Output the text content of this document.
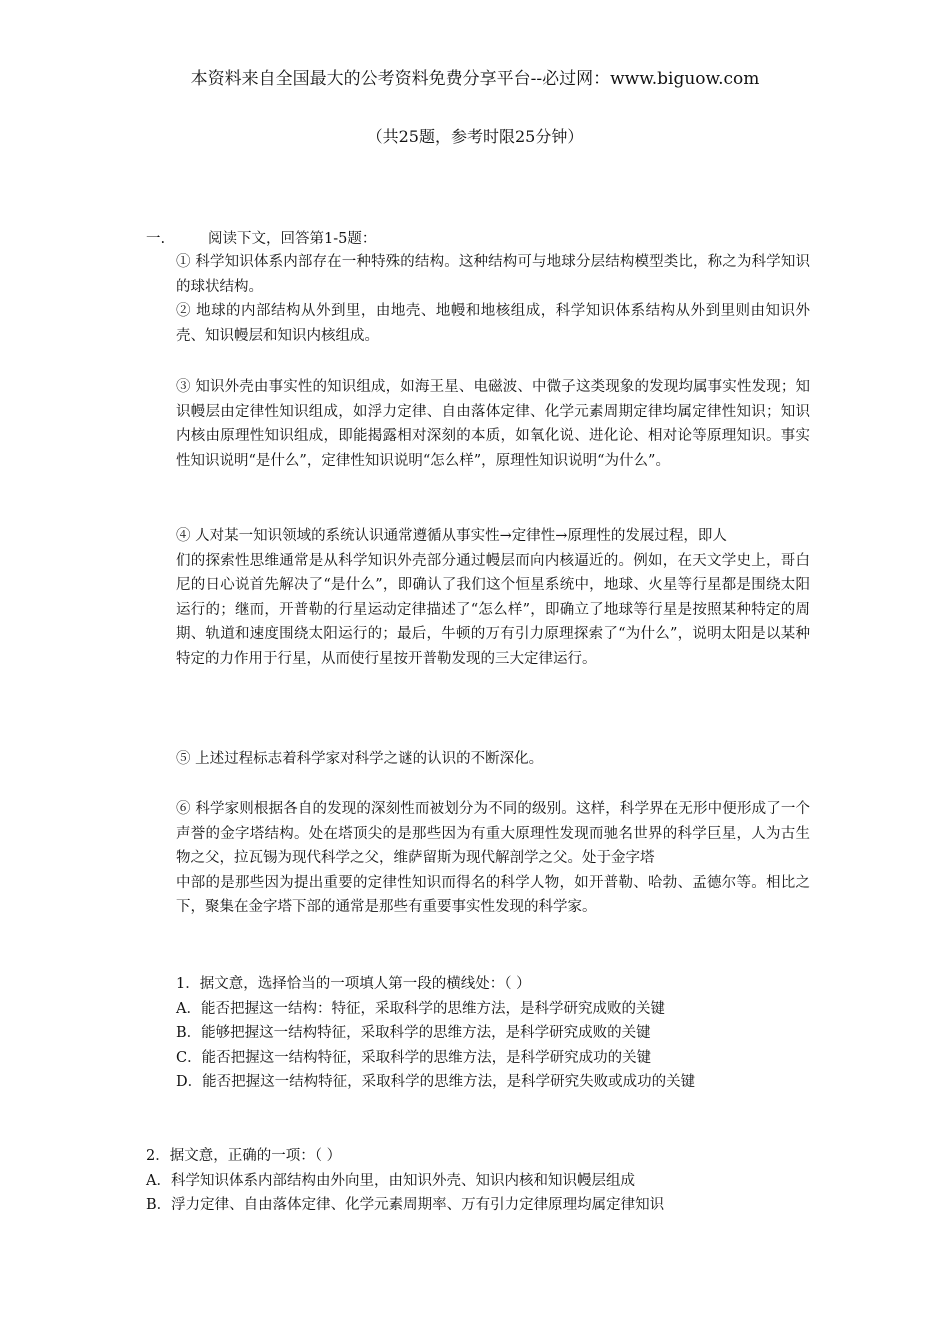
本资料来自全国最大的公考资料免费分享平台--必过网：www.biguow.com
（共25题，参考时限25分钟）
一.	阅读下文，回答第1-5题：

① 科学知识体系内部存在一种特殊的结构。这种结构可与地球分层结构模型类比，称之为科学知识的球状结构。

② 地球的内部结构从外到里，由地壳、地幔和地核组成，科学知识体系结构从外到里则由知识外壳、知识幔层和知识内核组成。

③ 知识外壳由事实性的知识组成，如海王星、电磁波、中微子这类现象的发现均属事实性发现；知识幔层由定律性知识组成，如浮力定律、自由落体定律、化学元素周期定律均属定律性知识；知识内核由原理性知识组成，即能揭露相对深刻的本质，如氧化说、进化论、相对论等原理知识。事实性知识说明“是什么”，定律性知识说明“怎么样”，原理性知识说明“为什么”。

④ 人对某一知识领域的系统认识通常遵循从事实性→定律性→原理性的发展过程，即人

们的探索性思维通常是从科学知识外壳部分通过幔层而向内核逼近的。例如，在天文学史上，哥白尼的日心说首先解决了“是什么”，即确认了我们这个恒星系统中，地球、火星等行星都是围绕太阳运行的；继而，开普勒的行星运动定律描述了“怎么样”，即确立了地球等行星是按照某种特定的周期、轨道和速度围绕太阳运行的；最后，牛顿的万有引力原理探索了“为什么”，说明太阳是以某种特定的力作用于行星，从而使行星按开普勒发现的三大定律运行。

⑤ 上述过程标志着科学家对科学之谜的认识的不断深化。

⑥ 科学家则根据各自的发现的深刻性而被划分为不同的级别。这样，科学界在无形中便形成了一个声誉的金字塔结构。处在塔顶尖的是那些因为有重大原理性发现而驰名世界的科学巨星，人为古生物之父，拉瓦锡为现代科学之父，维萨留斯为现代解剖学之父。处于金字塔

中部的是那些因为提出重要的定律性知识而得名的科学人物，如开普勒、哈勃、孟德尔等。相比之下，聚集在金字塔下部的通常是那些有重要事实性发现的科学家。

1．据文意，选择恰当的一项填人第一段的横线处：（ ）
A．能否把握这一结构：特征，采取科学的思维方法，是科学研究成败的关键
B．能够把握这一结构特征，采取科学的思维方法，是科学研究成败的关键
C．能否把握这一结构特征，采取科学的思维方法，是科学研究成功的关键
D．能否把握这一结构特征，采取科学的思维方法，是科学研究失败或成功的关键
2．据文意，正确的一项：（ ）
A．科学知识体系内部结构由外向里，由知识外壳、知识内核和知识幔层组成
B．浮力定律、自由落体定律、化学元素周期率、万有引力定律原理均属定律知识
